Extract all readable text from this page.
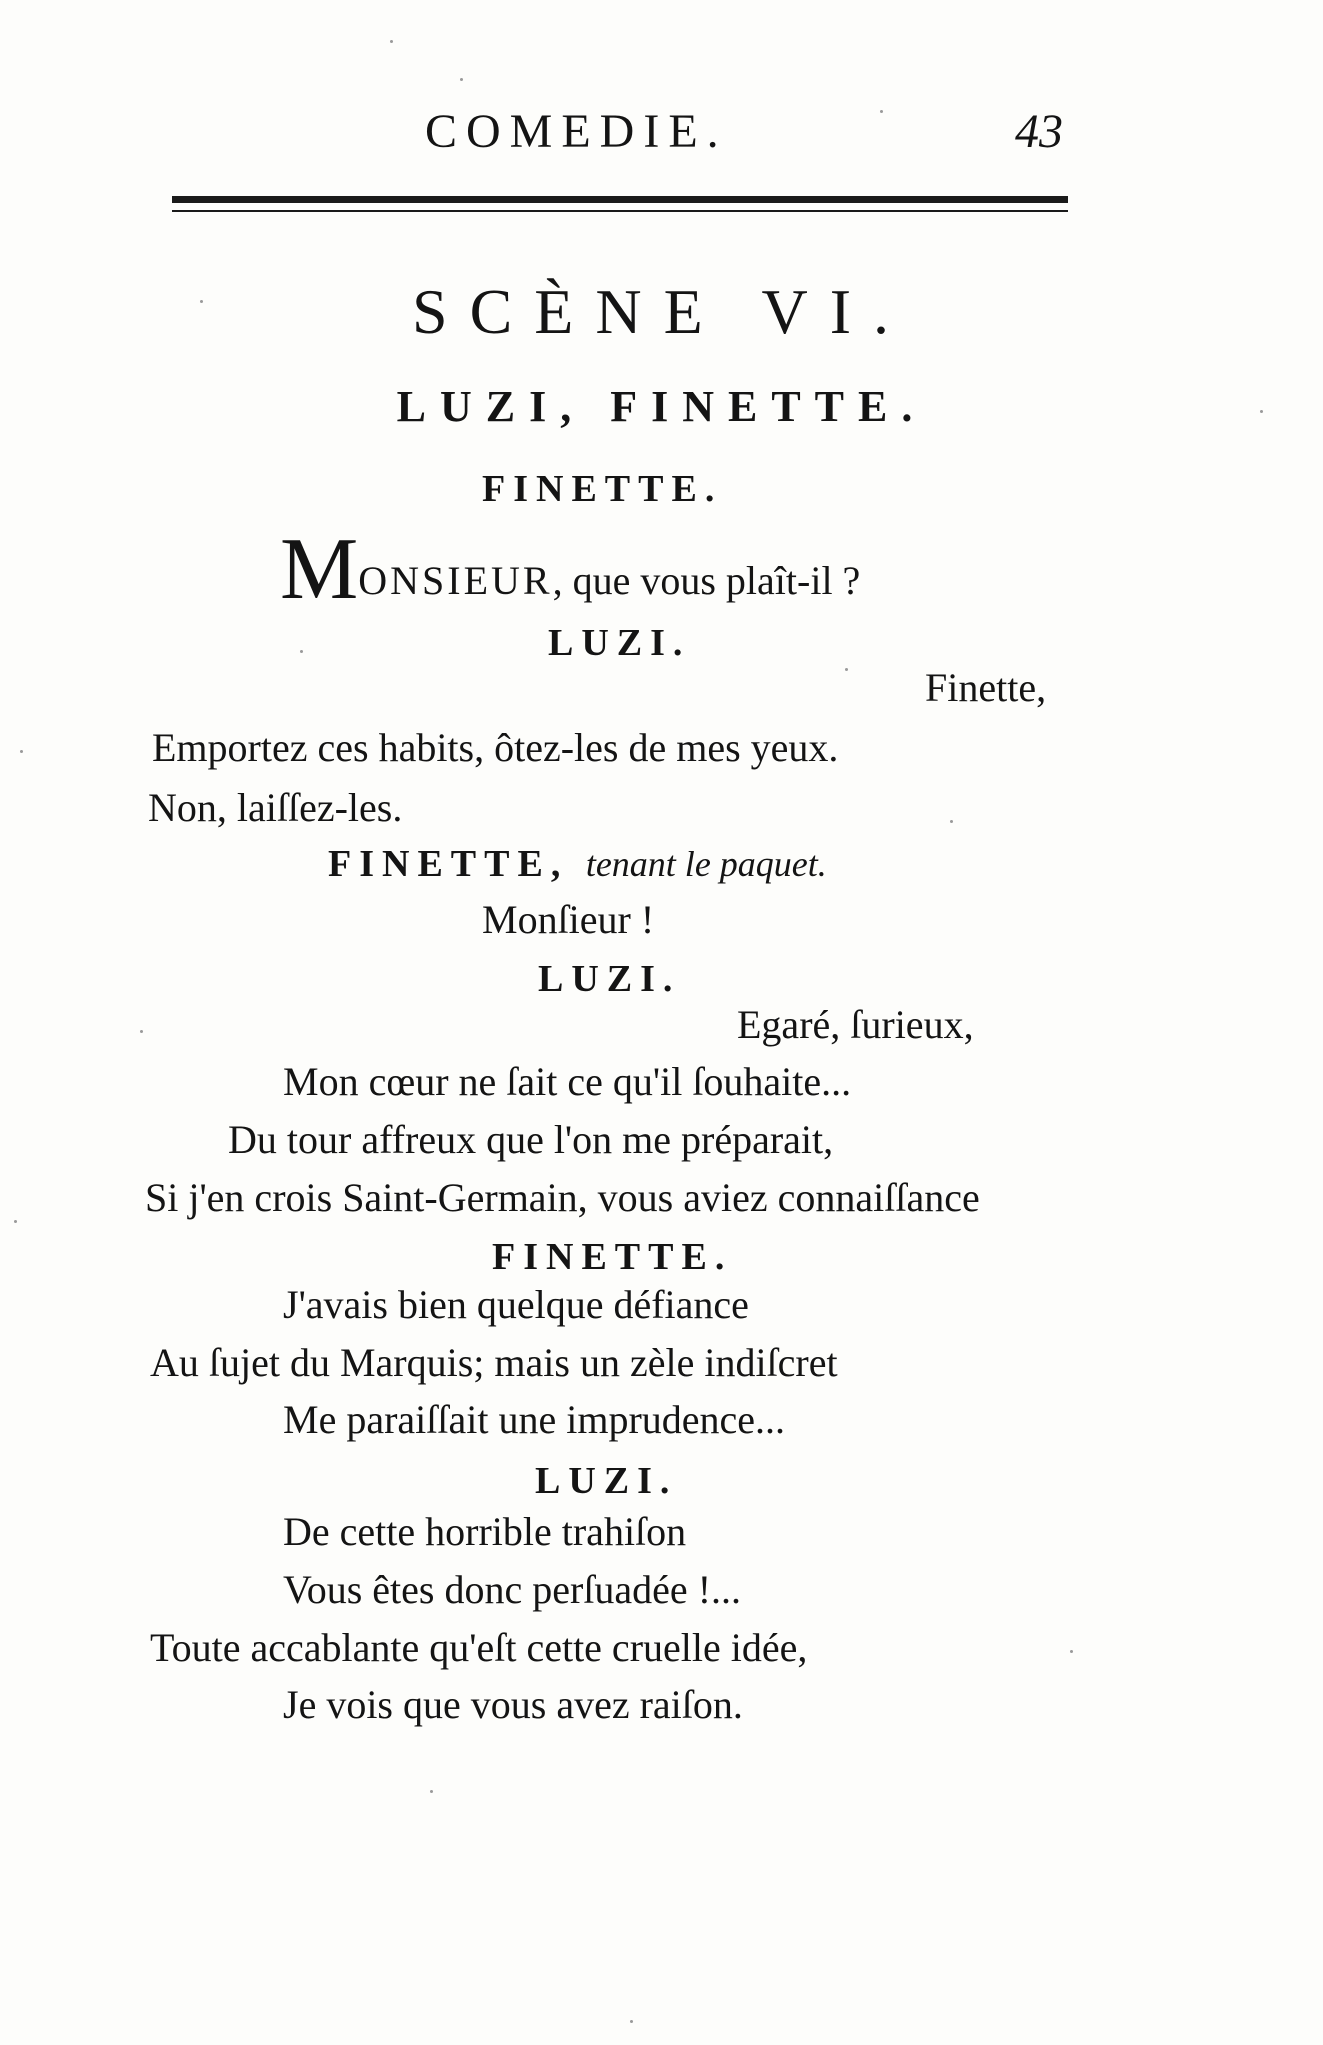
COMEDIE.	43
SCÈNE VI.
LUZI, FINETTE.
FINETTE.
MONSIEUR, que vous plaît-il ?
LUZI.
Finette,
Emportez ces habits, ôtez-les de mes yeux.
Non, laiſſez-les.
FINETTE, tenant le paquet.
Monſieur !
LUZI.
Egaré, ſurieux,
Mon cœur ne ſait ce qu'il ſouhaite...
Du tour affreux que l'on me préparait,
Si j'en crois Saint-Germain, vous aviez connaiſſance
FINETTE.
J'avais bien quelque défiance
Au ſujet du Marquis; mais un zèle indiſcret
Me paraiſſait une imprudence...
LUZI.
De cette horrible trahiſon
Vous êtes donc perſuadée !...
Toute accablante qu'eſt cette cruelle idée,
Je vois que vous avez raiſon.
